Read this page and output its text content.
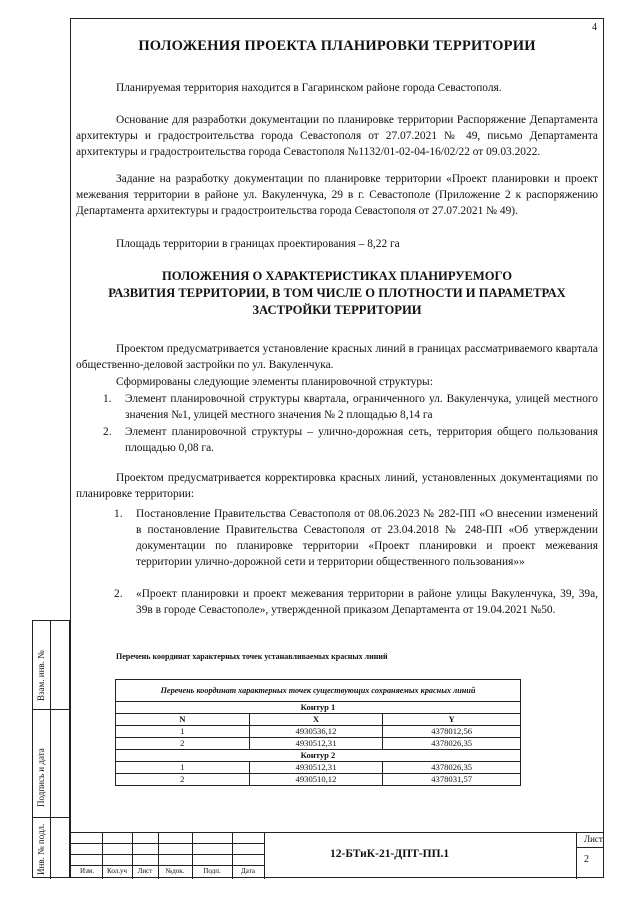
4
ПОЛОЖЕНИЯ ПРОЕКТА ПЛАНИРОВКИ ТЕРРИТОРИИ
Планируемая территория находится в Гагаринском районе города Севастополя.
Основание для разработки документации по планировке территории Распоряжение Департамента архитектуры и градостроительства города Севастополя от 27.07.2021 № 49, письмо Департамента архитектуры и градостроительства города Севастополя №1132/01-02-04-16/02/22 от 09.03.2022.
Задание на разработку документации по планировке территории «Проект планировки и проект межевания территории в районе ул. Вакуленчука, 29 в г. Севастополе (Приложение 2 к распоряжению Департамента архитектуры и градостроительства города Севастополя от 27.07.2021 № 49).
Площадь территории в границах проектирования – 8,22 га
ПОЛОЖЕНИЯ О ХАРАКТЕРИСТИКАХ ПЛАНИРУЕМОГО
РАЗВИТИЯ ТЕРРИТОРИИ, В ТОМ ЧИСЛЕ О ПЛОТНОСТИ И ПАРАМЕТРАХ
ЗАСТРОЙКИ ТЕРРИТОРИИ
Проектом предусматривается установление красных линий в границах рассматриваемого квартала общественно-деловой застройки по ул. Вакуленчука.
Сформированы следующие элементы планировочной структуры:
1. Элемент планировочной структуры квартала, ограниченного ул. Вакуленчука, улицей местного значения №1, улицей местного значения № 2 площадью 8,14 га
2. Элемент планировочной структуры – улично-дорожная сеть, территория общего пользования площадью 0,08 га.
Проектом предусматривается корректировка красных линий, установленных документациями по планировке территории:
1. Постановление Правительства Севастополя от 08.06.2023 № 282-ПП «О внесении изменений в постановление Правительства Севастополя от 23.04.2018 № 248-ПП «Об утверждении документации по планировке территории «Проект планировки и проект межевания территории улично-дорожной сети и территории общественного пользования»»
2. «Проект планировки и проект межевания территории в районе улицы Вакуленчука, 39, 39а, 39в в городе Севастополе», утвержденной приказом Департамента от 19.04.2021 №50.
Перечень координат характерных точек устанавливаемых красных линий
Перечень координат характерных точек существующих сохраняемых красных линий		
Контур 1		
N	X	Y
1	4930536,12	4378012,56
2	4930512,31	4378026,35
Контур 2		
1	4930512,31	4378026,35
2	4930510,12	4378031,57
Взам. инв. №
Подпись и дата
Инв. № подл.	Изм.	Кол.уч	Лист	№док.	Подп.	Дата
12-БТиК-21-ДПТ-ПП.1
Лист
2
